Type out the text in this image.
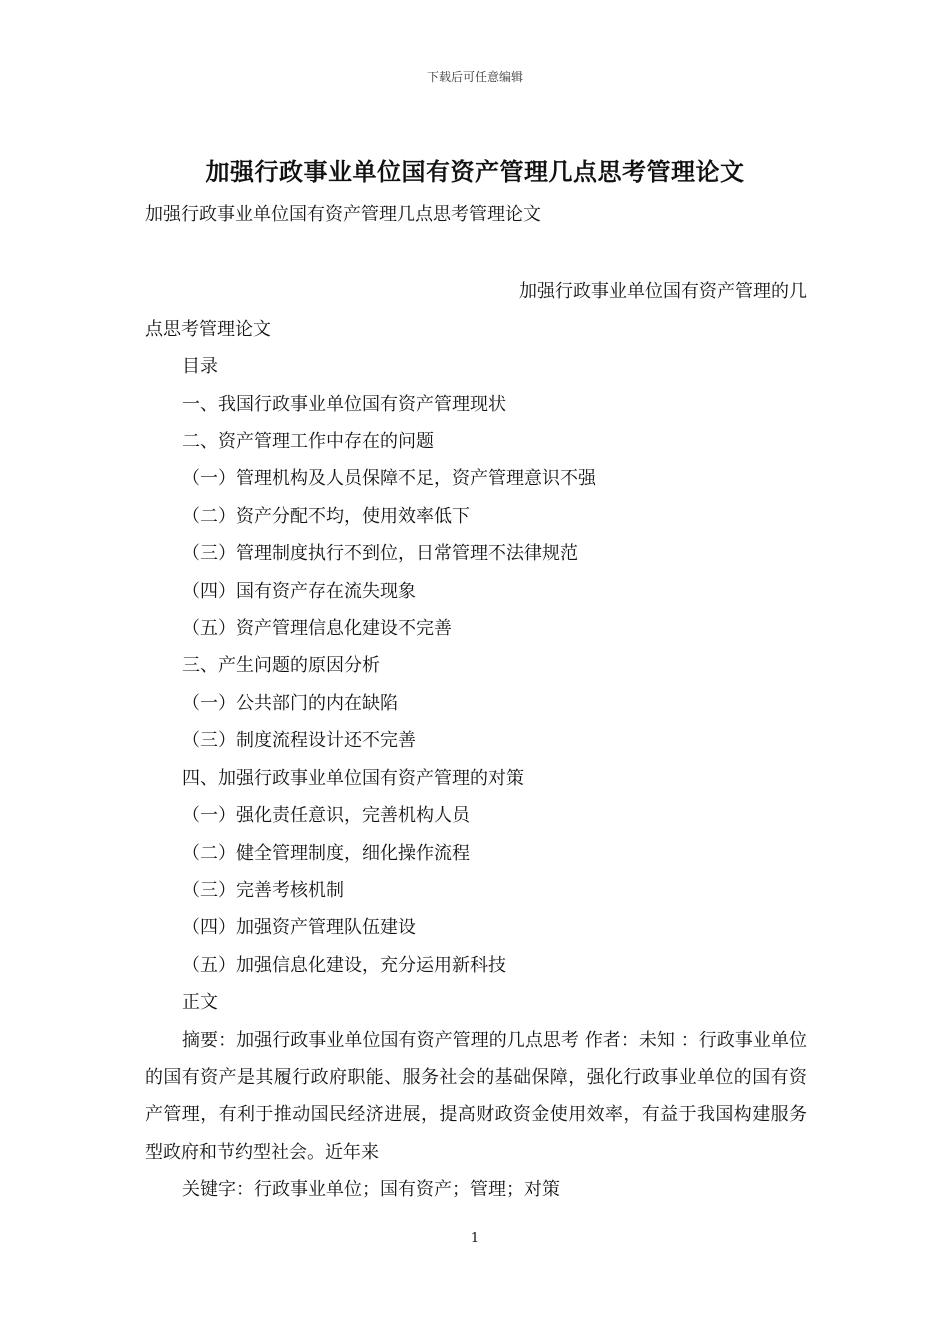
下载后可任意编辑
加强行政事业单位国有资产管理几点思考管理论文
加强行政事业单位国有资产管理几点思考管理论文
加强行政事业单位国有资产管理的几
点思考管理论文
目录
一、我国行政事业单位国有资产管理现状
二、资产管理工作中存在的问题
（一）管理机构及人员保障不足，资产管理意识不强
（二）资产分配不均，使用效率低下
（三）管理制度执行不到位，日常管理不法律规范
（四）国有资产存在流失现象
（五）资产管理信息化建设不完善
三、产生问题的原因分析
（一）公共部门的内在缺陷
（三）制度流程设计还不完善
四、加强行政事业单位国有资产管理的对策
（一）强化责任意识，完善机构人员
（二）健全管理制度，细化操作流程
（三）完善考核机制
（四）加强资产管理队伍建设
（五）加强信息化建设，充分运用新科技
正文
摘要：加强行政事业单位国有资产管理的几点思考 作者：未知 ：行政事业单位的国有资产是其履行政府职能、服务社会的基础保障，强化行政事业单位的国有资产管理，有利于推动国民经济进展，提高财政资金使用效率，有益于我国构建服务型政府和节约型社会。近年来
关键字：行政事业单位；国有资产；管理；对策
1
